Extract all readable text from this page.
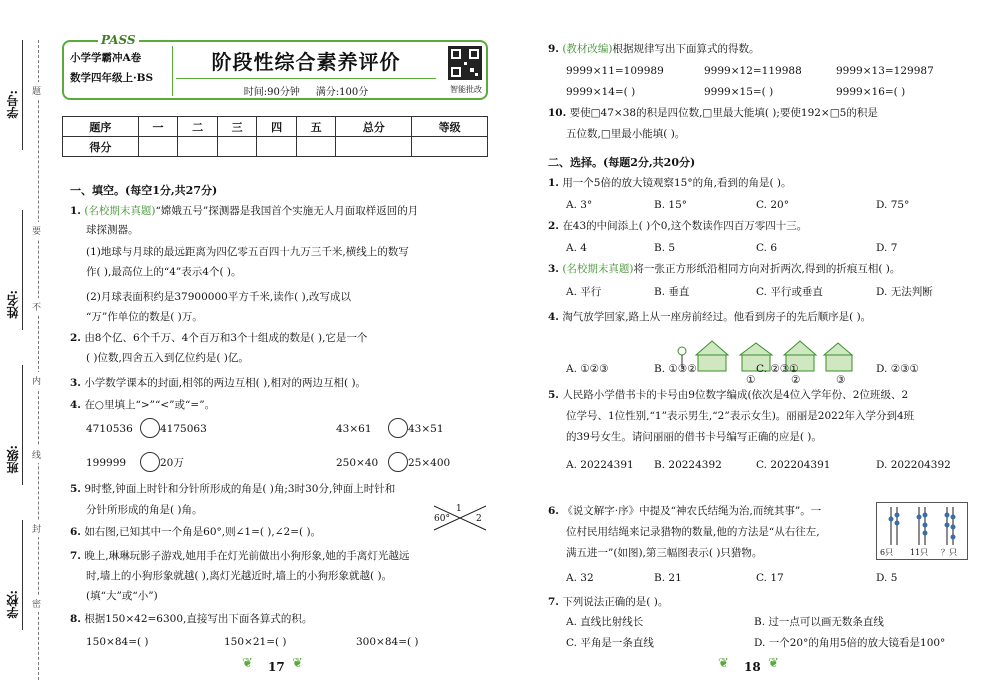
学号:
姓名:
班级:
学校:
题
要
不
内
线
封
密
PASS
小学学霸冲A卷
数学四年级上·BS
阶段性综合素养评价
时间:90分钟 满分:100分	智能批改
题序	一	二	三	四	五	总分	等级
得分							
一、填空。(每空1分,共27分)
1. (名校期末真题)“嫦娥五号”探测器是我国首个实施无人月面取样返回的月
球探测器。
(1)地球与月球的最远距离为四亿零五百四十九万三千米,横线上的数写
作( ),最高位上的“4”表示4个( )。
(2)月球表面积约是37900000平方千米,读作( ),改写成以
“万”作单位的数是( )万。
2. 由8个亿、6个千万、4个百万和3个十组成的数是( ),它是一个
( )位数,四舍五入到亿位约是( )亿。
3. 小学数学课本的封面,相邻的两边互相( ),相对的两边互相( )。
4. 在○里填上“>”“<”或“=”。
4710536	4175063	43×61	43×51
199999	20万	250×40	25×400
5. 9时整,钟面上时针和分针所形成的角是( )角;3时30分,钟面上时针和
分针所形成的角是( )角。
6. 如右图,已知其中一个角是60°,则∠1=( ),∠2=( )。
7. 晚上,琳琳玩影子游戏,她用手在灯光前做出小狗形象,她的手离灯光越远
时,墙上的小狗形象就越( ),离灯光越近时,墙上的小狗形象就越( )。
(填“大”或“小”)
8. 根据150×42=6300,直接写出下面各算式的积。
150×84=( )	150×21=( )	300×84=( )
9. (教材改编)根据规律写出下面算式的得数。
9999×11=109989	9999×12=119988	9999×13=129987
9999×14=( )	9999×15=( )	9999×16=( )
10. 要使□47×38的积是四位数,□里最大能填( );要使192×□5的积是
五位数,□里最小能填( )。
二、选择。(每题2分,共20分)
1. 用一个5倍的放大镜观察15°的角,看到的角是( )。
A. 3°	B. 15°	C. 20°	D. 75°
2. 在43的中间添上( )个0,这个数读作四百万零四十三。
A. 4	B. 5	C. 6	D. 7
3. (名校期末真题)将一张正方形纸沿相同方向对折两次,得到的折痕互相( )。
A. 平行	B. 垂直	C. 平行或垂直	D. 无法判断
4. 淘气放学回家,路上从一座房前经过。他看到房子的先后顺序是( )。
①	②	③
A. ①②③	B. ①③②	C. ②③①	D. ②③①
5. 人民路小学借书卡的卡号由9位数字编成(依次是4位入学年份、2位班级、2
位学号、1位性别,“1”表示男生,“2”表示女生)。丽丽是2022年入学分到4班
的39号女生。请问丽丽的借书卡号编写正确的应是( )。
A. 20224391 B. 20224392	C. 202204391	D. 202204392
6. 《说文解字·序》中提及“神农氏结绳为治,而统其事”。一
位村民用结绳来记录猎物的数量,他的方法是“从右往左,
满五进一”(如图),第三幅图表示( )只猎物。
A. 32	B. 21	C. 17	D. 5
7. 下列说法正确的是( )。
A. 直线比射线长	B. 过一点可以画无数条直线
C. 平角是一条直线	D. 一个20°的角用5倍的放大镜看是100°
60°
1
2
6只 11只 ？只
❦ 17 ❦	❦ 18 ❦
